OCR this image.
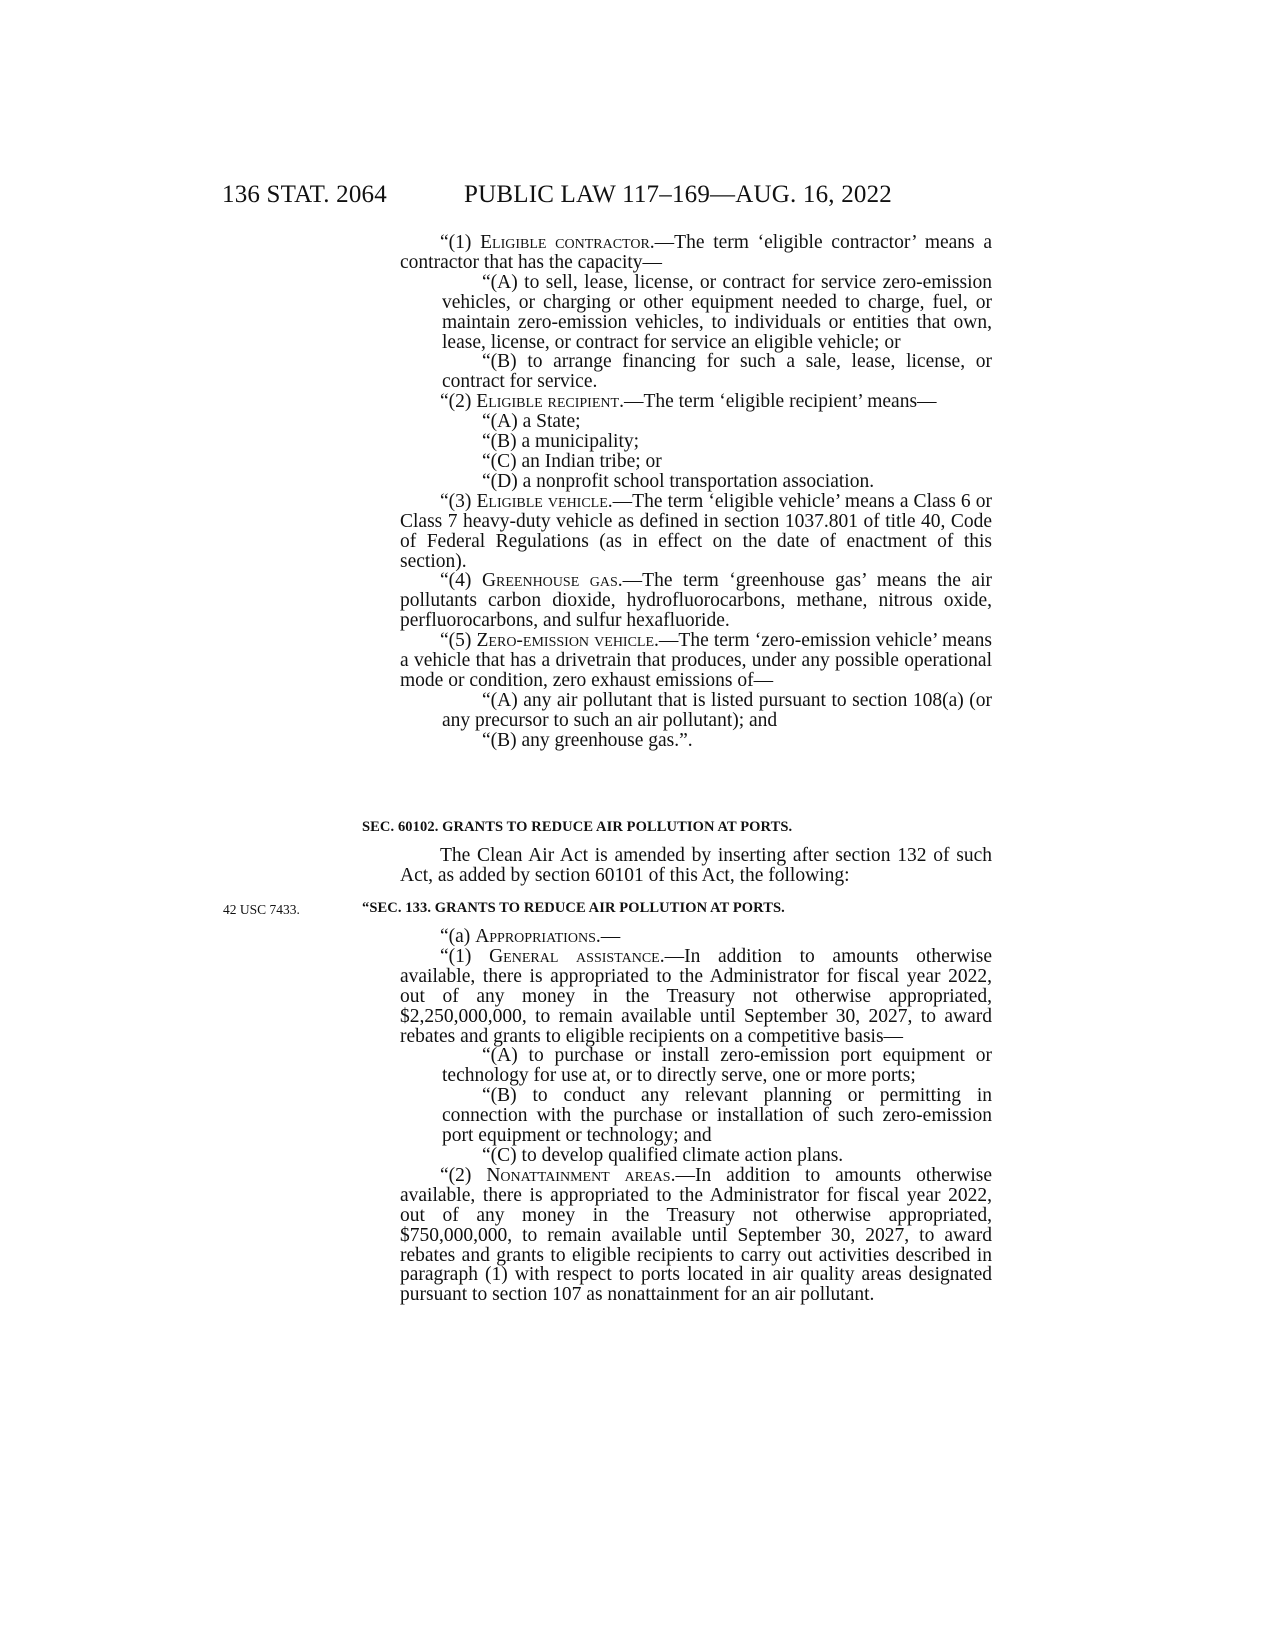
136 STAT. 2064	PUBLIC LAW 117–169—AUG. 16, 2022

“(1) Eligible contractor.—The term ‘eligible contractor’ means a contractor that has the capacity—

“(A) to sell, lease, license, or contract for service zero-emission vehicles, or charging or other equipment needed to charge, fuel, or maintain zero-emission vehicles, to individuals or entities that own, lease, license, or contract for service an eligible vehicle; or

“(B) to arrange financing for such a sale, lease, license, or contract for service.

“(2) Eligible recipient.—The term ‘eligible recipient’ means—

“(A) a State;

“(B) a municipality;

“(C) an Indian tribe; or

“(D) a nonprofit school transportation association.

“(3) Eligible vehicle.—The term ‘eligible vehicle’ means a Class 6 or Class 7 heavy-duty vehicle as defined in section 1037.801 of title 40, Code of Federal Regulations (as in effect on the date of enactment of this section).

“(4) Greenhouse gas.—The term ‘greenhouse gas’ means the air pollutants carbon dioxide, hydrofluorocarbons, methane, nitrous oxide, perfluorocarbons, and sulfur hexafluoride.

“(5) Zero-emission vehicle.—The term ‘zero-emission vehicle’ means a vehicle that has a drivetrain that produces, under any possible operational mode or condition, zero exhaust emissions of—

“(A) any air pollutant that is listed pursuant to section 108(a) (or any precursor to such an air pollutant); and

“(B) any greenhouse gas.”.

SEC. 60102. GRANTS TO REDUCE AIR POLLUTION AT PORTS.

The Clean Air Act is amended by inserting after section 132 of such Act, as added by section 60101 of this Act, the following:

42 USC 7433.	“SEC. 133. GRANTS TO REDUCE AIR POLLUTION AT PORTS.

“(a) Appropriations.—

“(1) General assistance.—In addition to amounts otherwise available, there is appropriated to the Administrator for fiscal year 2022, out of any money in the Treasury not otherwise appropriated, $2,250,000,000, to remain available until September 30, 2027, to award rebates and grants to eligible recipients on a competitive basis—

“(A) to purchase or install zero-emission port equipment or technology for use at, or to directly serve, one or more ports;

“(B) to conduct any relevant planning or permitting in connection with the purchase or installation of such zero-emission port equipment or technology; and

“(C) to develop qualified climate action plans.

“(2) Nonattainment areas.—In addition to amounts otherwise available, there is appropriated to the Administrator for fiscal year 2022, out of any money in the Treasury not otherwise appropriated, $750,000,000, to remain available until September 30, 2027, to award rebates and grants to eligible recipients to carry out activities described in paragraph (1) with respect to ports located in air quality areas designated pursuant to section 107 as nonattainment for an air pollutant.
